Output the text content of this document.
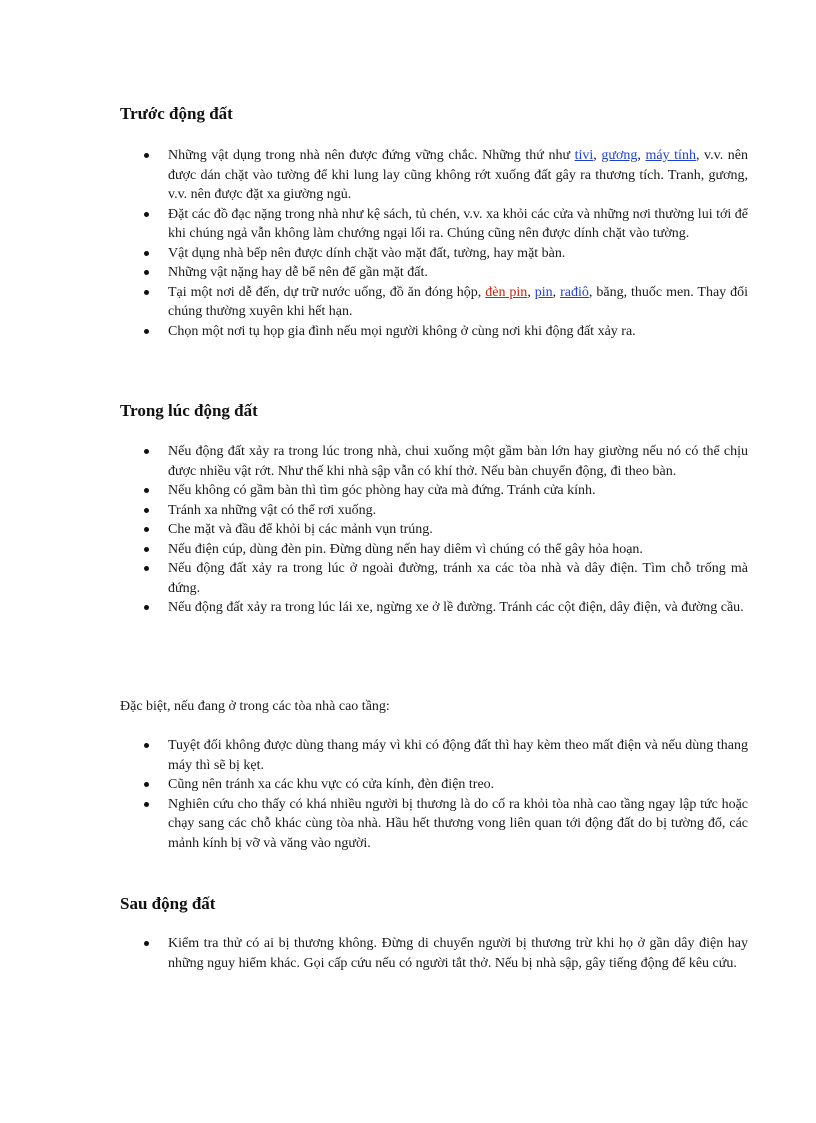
Trước động đất
Những vật dụng trong nhà nên được đứng vững chắc. Những thứ như tivi, gương, máy tính, v.v. nên được dán chặt vào tường để khi lung lay cũng không rớt xuống đất gây ra thương tích. Tranh, gương, v.v. nên được đặt xa giường ngủ.
Đặt các đồ đạc nặng trong nhà như kệ sách, tủ chén, v.v. xa khỏi các cửa và những nơi thường lui tới để khi chúng ngả vẫn không làm chướng ngại lối ra. Chúng cũng nên được dính chặt vào tường.
Vật dụng nhà bếp nên được dính chặt vào mặt đất, tường, hay mặt bàn.
Những vật nặng hay dễ bể nên để gần mặt đất.
Tại một nơi dễ đến, dự trữ nước uống, đồ ăn đóng hộp, đèn pin, pin, rađiô, băng, thuốc men. Thay đổi chúng thường xuyên khi hết hạn.
Chọn một nơi tụ họp gia đình nếu mọi người không ở cùng nơi khi động đất xảy ra.
Trong lúc động đất
Nếu động đất xảy ra trong lúc trong nhà, chui xuống một gầm bàn lớn hay giường nếu nó có thể chịu được nhiều vật rớt. Như thế khi nhà sập vẫn có khí thở. Nếu bàn chuyển động, đi theo bàn.
Nếu không có gầm bàn thì tìm góc phòng hay cửa mà đứng. Tránh cửa kính.
Tránh xa những vật có thể rơi xuống.
Che mặt và đầu để khỏi bị các mảnh vụn trúng.
Nếu điện cúp, dùng đèn pin. Đừng dùng nến hay diêm vì chúng có thể gây hỏa hoạn.
Nếu động đất xảy ra trong lúc ở ngoài đường, tránh xa các tòa nhà và dây điện. Tìm chỗ trống mà đứng.
Nếu động đất xảy ra trong lúc lái xe, ngừng xe ở lề đường. Tránh các cột điện, dây điện, và đường cầu.

Đặc biệt, nếu đang ở trong các tòa nhà cao tầng:

Tuyệt đối không được dùng thang máy vì khi có động đất thì hay kèm theo mất điện và nếu dùng thang máy thì sẽ bị kẹt.
Cũng nên tránh xa các khu vực có cửa kính, đèn điện treo.
Nghiên cứu cho thấy có khá nhiều người bị thương là do cố ra khỏi tòa nhà cao tầng ngay lập tức hoặc chạy sang các chỗ khác cùng tòa nhà. Hầu hết thương vong liên quan tới động đất do bị tường đổ, các mảnh kính bị vỡ và văng vào người.
Sau động đất
Kiểm tra thử có ai bị thương không. Đừng di chuyển người bị thương trừ khi họ ở gần dây điện hay những nguy hiểm khác. Gọi cấp cứu nếu có người tắt thở. Nếu bị nhà sập, gây tiếng động để kêu cứu.
